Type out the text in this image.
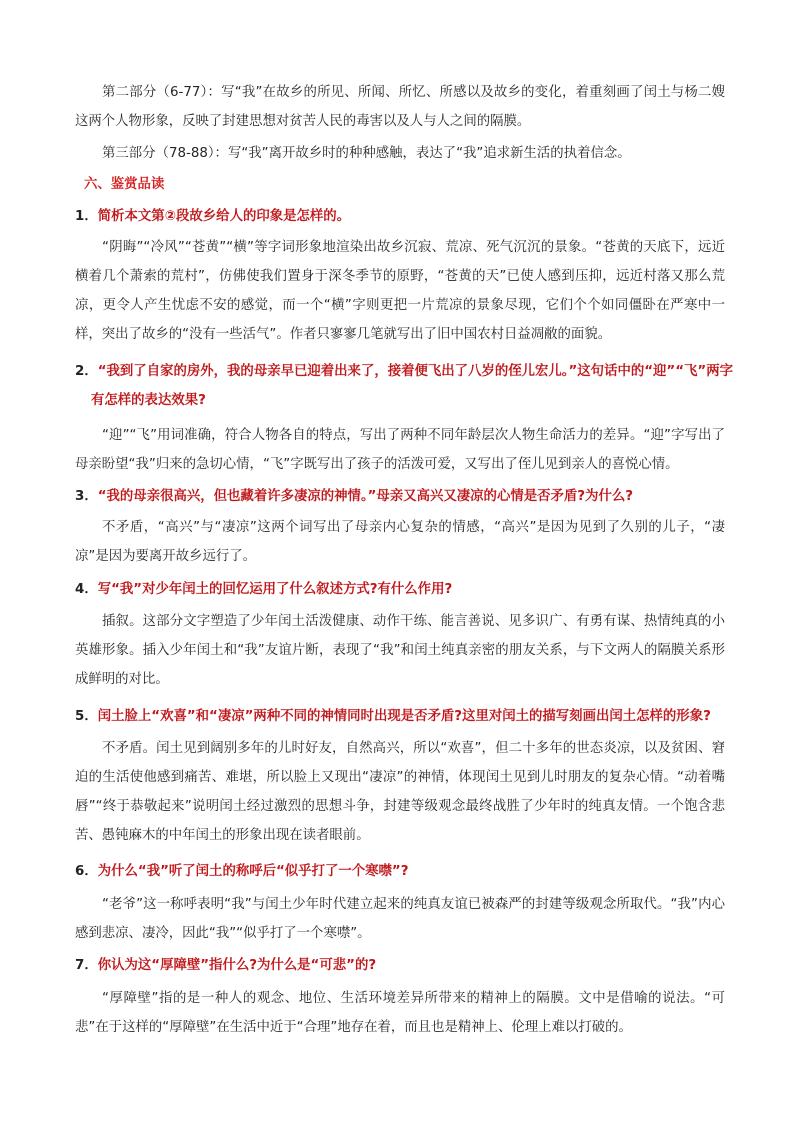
第二部分（6-77）：写“我”在故乡的所见、所闻、所忆、所感以及故乡的变化，着重刻画了闰土与杨二嫂这两个人物形象，反映了封建思想对贫苦人民的毒害以及人与人之间的隔膜。

第三部分（78-88）：写“我”离开故乡时的种种感触，表达了“我”追求新生活的执着信念。

六、鉴赏品读

1．简析本文第②段故乡给人的印象是怎样的。

“阴晦”“冷风”“苍黄”“横”等字词形象地渲染出故乡沉寂、荒凉、死气沉沉的景象。“苍黄的天底下，远近横着几个萧索的荒村”，仿佛使我们置身于深冬季节的原野，“苍黄的天”已使人感到压抑，远近村落又那么荒凉，更令人产生忧虑不安的感觉，而一个“横”字则更把一片荒凉的景象尽现，它们个个如同僵卧在严寒中一样，突出了故乡的“没有一些活气”。作者只寥寥几笔就写出了旧中国农村日益凋敝的面貌。

2．“我到了自家的房外，我的母亲早已迎着出来了，接着便飞出了八岁的侄儿宏儿。”这句话中的“迎”“飞”两字有怎样的表达效果?

“迎”“飞”用词准确，符合人物各自的特点，写出了两种不同年龄层次人物生命活力的差异。“迎”字写出了母亲盼望“我”归来的急切心情，“飞”字既写出了孩子的活泼可爱，又写出了侄儿见到亲人的喜悦心情。

3．“我的母亲很高兴，但也藏着许多凄凉的神情。”母亲又高兴又凄凉的心情是否矛盾?为什么?

不矛盾，“高兴”与“凄凉”这两个词写出了母亲内心复杂的情感，“高兴”是因为见到了久别的儿子，“凄凉”是因为要离开故乡远行了。

4．写“我”对少年闰土的回忆运用了什么叙述方式?有什么作用?

插叙。这部分文字塑造了少年闰土活泼健康、动作干练、能言善说、见多识广、有勇有谋、热情纯真的小英雄形象。插入少年闰土和“我”友谊片断，表现了“我”和闰土纯真亲密的朋友关系，与下文两人的隔膜关系形成鲜明的对比。

5．闰土脸上“欢喜”和“凄凉”两种不同的神情同时出现是否矛盾?这里对闰土的描写刻画出闰土怎样的形象?

不矛盾。闰土见到阔别多年的儿时好友，自然高兴，所以“欢喜”，但二十多年的世态炎凉，以及贫困、窘迫的生活使他感到痛苦、难堪，所以脸上又现出“凄凉”的神情，体现闰土见到儿时朋友的复杂心情。“动着嘴唇”“终于恭敬起来”说明闰土经过激烈的思想斗争，封建等级观念最终战胜了少年时的纯真友情。一个饱含悲苦、愚钝麻木的中年闰土的形象出现在读者眼前。

6．为什么“我”听了闰土的称呼后“似乎打了一个寒噤”?

“老爷”这一称呼表明“我”与闰土少年时代建立起来的纯真友谊已被森严的封建等级观念所取代。“我”内心感到悲凉、凄冷，因此“我”“似乎打了一个寒噤”。

7．你认为这“厚障壁”指什么?为什么是“可悲”的?

“厚障壁”指的是一种人的观念、地位、生活环境差异所带来的精神上的隔膜。文中是借喻的说法。“可悲”在于这样的“厚障壁”在生活中近于“合理”地存在着，而且也是精神上、伦理上难以打破的。
